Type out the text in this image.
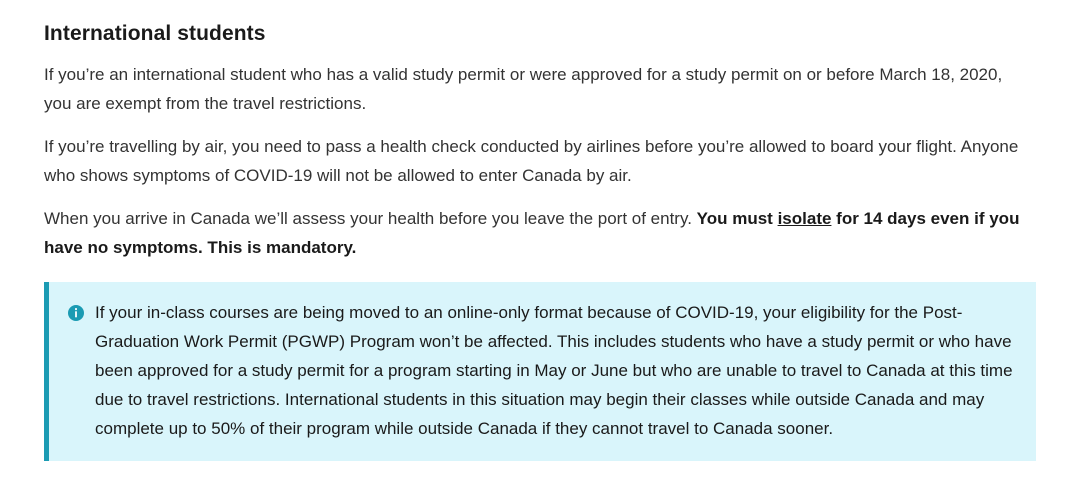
International students

If you’re an international student who has a valid study permit or were approved for a study permit on or before March 18, 2020, you are exempt from the travel restrictions.

If you’re travelling by air, you need to pass a health check conducted by airlines before you’re allowed to board your flight. Anyone who shows symptoms of COVID-19 will not be allowed to enter Canada by air.

When you arrive in Canada we’ll assess your health before you leave the port of entry. You must isolate for 14 days even if you have no symptoms. This is mandatory.

If your in-class courses are being moved to an online-only format because of COVID-19, your eligibility for the Post-Graduation Work Permit (PGWP) Program won’t be affected. This includes students who have a study permit or who have been approved for a study permit for a program starting in May or June but who are unable to travel to Canada at this time due to travel restrictions. International students in this situation may begin their classes while outside Canada and may complete up to 50% of their program while outside Canada if they cannot travel to Canada sooner.
